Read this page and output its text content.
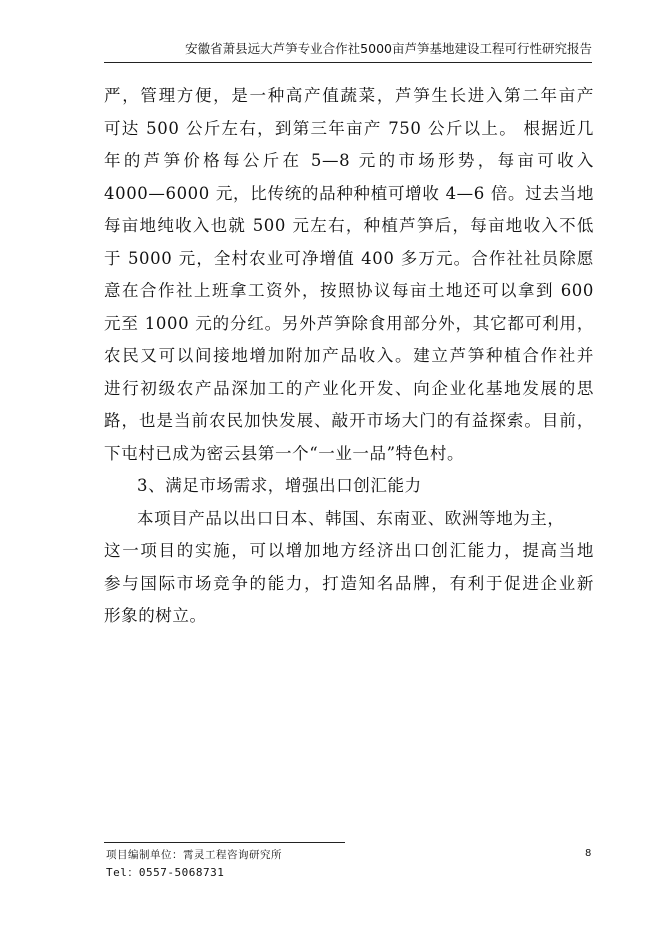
安徽省萧县远大芦笋专业合作社5000亩芦笋基地建设工程可行性研究报告
严，管理方便，是一种高产值蔬菜，芦笋生长进入第二年亩产
可达 500 公斤左右，到第三年亩产 750 公斤以上。 根据近几
年的芦笋价格每公斤在 5—8 元的市场形势，每亩可收入
4000—6000 元，比传统的品种种植可增收 4—6 倍。过去当地
每亩地纯收入也就 500 元左右，种植芦笋后，每亩地收入不低
于 5000 元，全村农业可净增值 400 多万元。合作社社员除愿
意在合作社上班拿工资外，按照协议每亩土地还可以拿到 600
元至 1000 元的分红。另外芦笋除食用部分外，其它都可利用，
农民又可以间接地增加附加产品收入。建立芦笋种植合作社并
进行初级农产品深加工的产业化开发、向企业化基地发展的思
路，也是当前农民加快发展、敲开市场大门的有益探索。目前，
下屯村已成为密云县第一个“一业一品”特色村。
3、满足市场需求，增强出口创汇能力
本项目产品以出口日本、韩国、东南亚、欧洲等地为主，
这一项目的实施，可以增加地方经济出口创汇能力，提高当地
参与国际市场竞争的能力，打造知名品牌，有利于促进企业新
形象的树立。
项目编制单位：霄灵工程咨询研究所
Tel：0557-5068731
8
